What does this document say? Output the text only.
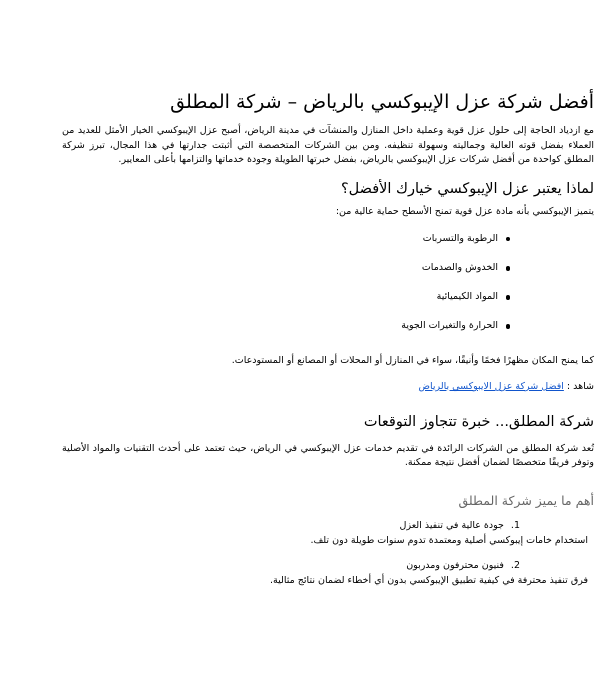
أفضل شركة عزل الإيبوكسي بالرياض – شركة المطلق

مع ازدياد الحاجة إلى حلول عزل قوية وعملية داخل المنازل والمنشآت في مدينة الرياض، أصبح عزل الإيبوكسي الخيار الأمثل للعديد من العملاء بفضل قوته العالية وجماليته وسهولة تنظيفه. ومن بين الشركات المتخصصة التي أثبتت جدارتها في هذا المجال، تبرز شركة المطلق كواحدة من أفضل شركات عزل الإيبوكسي بالرياض، بفضل خبرتها الطويلة وجودة خدماتها والتزامها بأعلى المعايير.

لماذا يعتبر عزل الإيبوكسي خيارك الأفضل؟

يتميز الإيبوكسي بأنه مادة عزل قوية تمنح الأسطح حماية عالية من:

الرطوبة والتسربات
الخدوش والصدمات
المواد الكيميائية
الحرارة والتغيرات الجوية

كما يمنح المكان مظهرًا فخمًا وأنيقًا، سواء في المنازل أو المحلات أو المصانع أو المستودعات.

شاهد : افضل شركة عزل الايبوكسي بالرياض

شركة المطلق... خبرة تتجاوز التوقعات

تُعد شركة المطلق من الشركات الرائدة في تقديم خدمات عزل الإيبوكسي في الرياض، حيث تعتمد على أحدث التقنيات والمواد الأصلية وتوفر فريقًا متخصصًا لضمان أفضل نتيجة ممكنة.

أهم ما يميز شركة المطلق
1.جودة عالية في تنفيذ العزل
استخدام خامات إيبوكسي أصلية ومعتمدة تدوم سنوات طويلة دون تلف.
2.فنيون محترفون ومدربون
فرق تنفيذ محترفة في كيفية تطبيق الإيبوكسي بدون أي أخطاء لضمان نتائج مثالية.
